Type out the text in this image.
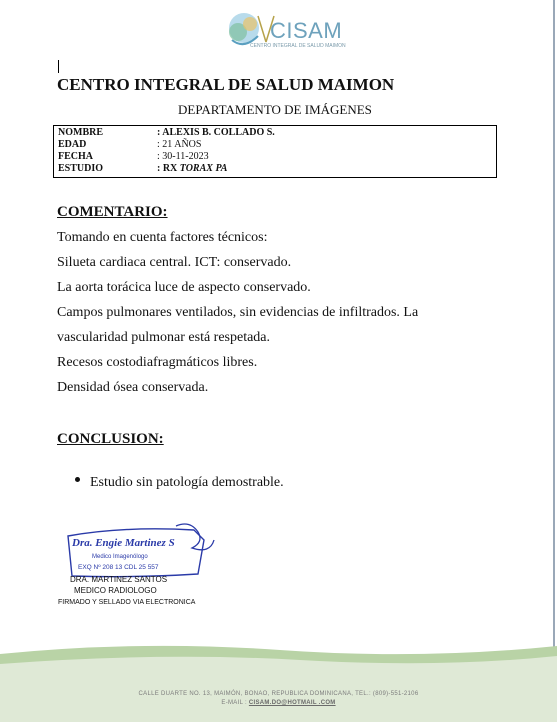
CISAM
CENTRO INTEGRAL DE SALUD MAIMON
CENTRO INTEGRAL DE SALUD MAIMON
DEPARTAMENTO DE IMÁGENES
NOMBRE	: ALEXIS B. COLLADO S.
EDAD	: 21 AÑOS
FECHA	: 30-11-2023
ESTUDIO	: RX TORAX PA
COMENTARIO:
Tomando en cuenta factores técnicos:
Silueta cardiaca central. ICT: conservado.
La aorta torácica luce de aspecto conservado.
Campos pulmonares ventilados, sin evidencias de infiltrados. La
vascularidad pulmonar está respetada.
Recesos costodiafragmáticos libres.
Densidad ósea conservada.
CONCLUSION:
Estudio sin patología demostrable.
Dra. Engie Martinez S
Medico Imagenólogo
EXQ Nº 208 13 CDL 25 557
DRA. MARTINEZ SANTOS
MEDICO RADIOLOGO
FIRMADO Y SELLADO VIA ELECTRONICA
CALLE DUARTE NO. 13, MAIMÓN, BONAO, REPUBLICA DOMINICANA, TEL.: (809)-551-2106
E-MAIL : CISAM.DO@HOTMAIL .COM
